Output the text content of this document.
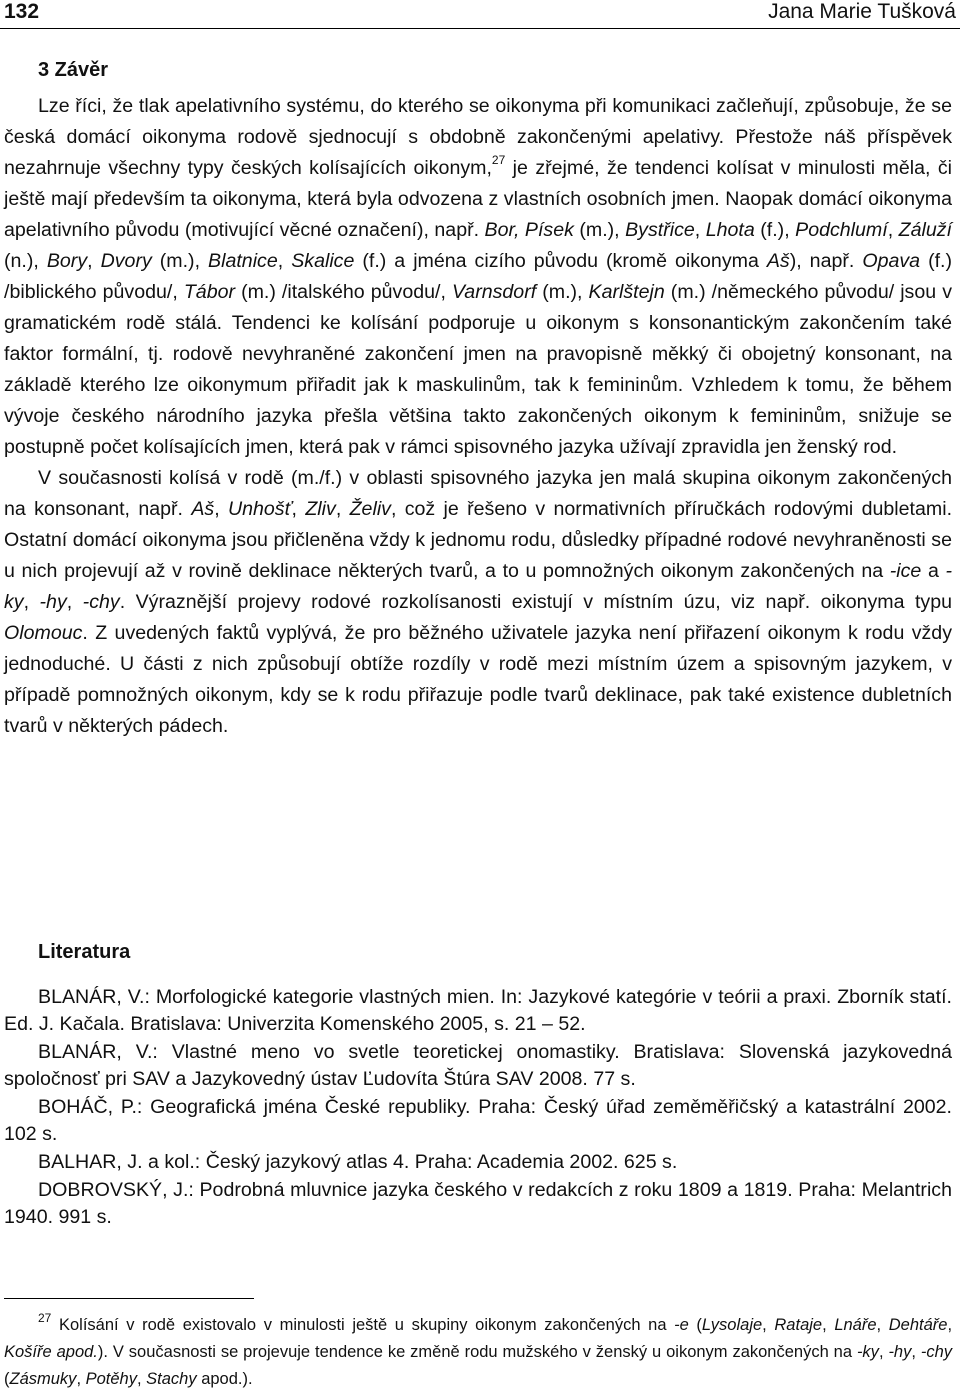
132	Jana Marie Tušková
3 Závěr

Lze říci, že tlak apelativního systému, do kterého se oikonyma při komunikaci začleňují, způsobuje, že se česká domácí oikonyma rodově sjednocují s obdobně zakončenými apelativy. Přestože náš příspěvek nezahrnuje všechny typy českých kolísajících oikonym,$^{27}$ je zřejmé, že tendenci kolísat v minulosti měla, či ještě mají především ta oikonyma, která byla odvozena z vlastních osobních jmen. Naopak domácí oikonyma apelativního původu (motivující věcné označení), např. Bor, Písek (m.), Bystřice, Lhota (f.), Podchlumí, Záluží (n.), Bory, Dvory (m.), Blatnice, Skalice (f.) a jména cizího původu (kromě oikonyma Aš), např. Opava (f.) /biblického původu/, Tábor (m.) /italského původu/, Varnsdorf (m.), Karlštejn (m.) /německého původu/ jsou v gramatickém rodě stálá. Tendenci ke kolísání podporuje u oikonym s konsonantickým zakončením také faktor formální, tj. rodově nevyhraněné zakončení jmen na pravopisně měkký či obojetný konsonant, na základě kterého lze oikonymum přiřadit jak k maskulinům, tak k femininům. Vzhledem k tomu, že během vývoje českého národního jazyka přešla většina takto zakončených oikonym k femininům, snižuje se postupně počet kolísajících jmen, která pak v rámci spisovného jazyka užívají zpravidla jen ženský rod.

V současnosti kolísá v rodě (m./f.) v oblasti spisovného jazyka jen malá skupina oikonym zakončených na konsonant, např. Aš, Unhošť, Zliv, Želiv, což je řešeno v normativních příručkách rodovými dubletami. Ostatní domácí oikonyma jsou přičleněna vždy k jednomu rodu, důsledky případné rodové nevyhraněnosti se u nich projevují až v rovině deklinace některých tvarů, a to u pomnožných oikonym zakončených na -ice a -ky, -hy, -chy. Výraznější projevy rodové rozkolísanosti existují v místním úzu, viz např. oikonyma typu Olomouc. Z uvedených faktů vyplývá, že pro běžného uživatele jazyka není přiřazení oikonym k rodu vždy jednoduché. U části z nich způsobují obtíže rozdíly v rodě mezi místním územ a spisovným jazykem, v případě pomnožných oikonym, kdy se k rodu přiřazuje podle tvarů deklinace, pak také existence dubletních tvarů v některých pádech.

Literatura

BLANÁR, V.: Morfologické kategorie vlastných mien. In: Jazykové kategórie v teórii a praxi. Zborník statí. Ed. J. Kačala. Bratislava: Univerzita Komenského 2005, s. 21 – 52.

BLANÁR, V.: Vlastné meno vo svetle teoretickej onomastiky. Bratislava: Slovenská jazykovedná spoločnosť pri SAV a Jazykovedný ústav Ľudovíta Štúra SAV 2008. 77 s.

BOHÁČ, P.: Geografická jména České republiky. Praha: Český úřad zeměměřičský a katastrální 2002. 102 s.

BALHAR, J. a kol.: Český jazykový atlas 4. Praha: Academia 2002. 625 s.

DOBROVSKÝ, J.: Podrobná mluvnice jazyka českého v redakcích z roku 1809 a 1819. Praha: Melantrich 1940. 991 s.

$^{27}$ Kolísání v rodě existovalo v minulosti ještě u skupiny oikonym zakončených na -e (Lysolaje, Rataje, Lnáře, Dehtáře, Košíře apod.). V současnosti se projevuje tendence ke změně rodu mužského v ženský u oikonym zakončených na -ky, -hy, -chy (Zásmuky, Potěhy, Stachy apod.).
